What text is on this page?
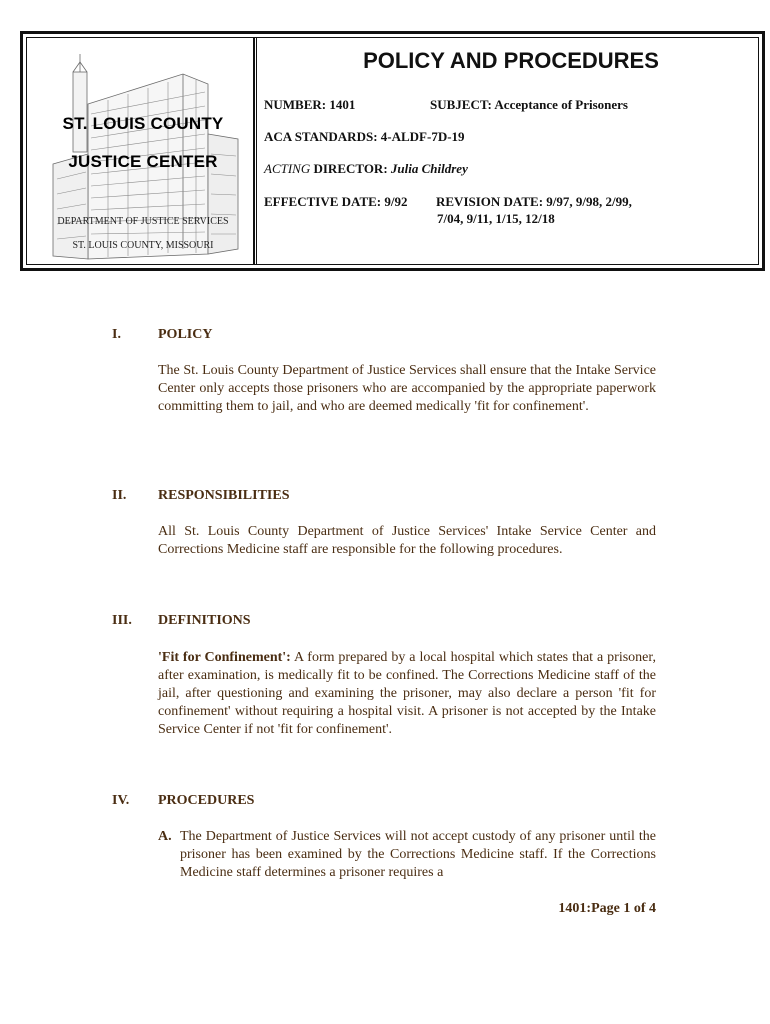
ST. LOUIS COUNTY
JUSTICE CENTER
DEPARTMENT OF JUSTICE SERVICES
ST. LOUIS COUNTY, MISSOURI
POLICY AND PROCEDURES
NUMBER: 1401	SUBJECT: Acceptance of Prisoners
ACA STANDARDS: 4-ALDF-7D-19
ACTING DIRECTOR: Julia Childrey
EFFECTIVE DATE: 9/92 REVISION DATE: 9/97, 9/98, 2/99,
7/04, 9/11, 1/15, 12/18
I.	POLICY
The St. Louis County Department of Justice Services shall ensure that the Intake Service Center only accepts those prisoners who are accompanied by the appropriate paperwork committing them to jail, and who are deemed medically 'fit for confinement'.
II. RESPONSIBILITIES
All St. Louis County Department of Justice Services' Intake Service Center and Corrections Medicine staff are responsible for the following procedures.
III. DEFINITIONS
'Fit for Confinement': A form prepared by a local hospital which states that a prisoner, after examination, is medically fit to be confined. The Corrections Medicine staff of the jail, after questioning and examining the prisoner, may also declare a person 'fit for confinement' without requiring a hospital visit. A prisoner is not accepted by the Intake Service Center if not 'fit for confinement'.
IV. PROCEDURES
A. The Department of Justice Services will not accept custody of any prisoner until the prisoner has been examined by the Corrections Medicine staff. If the Corrections Medicine staff determines a prisoner requires a
1401:Page 1 of 4
